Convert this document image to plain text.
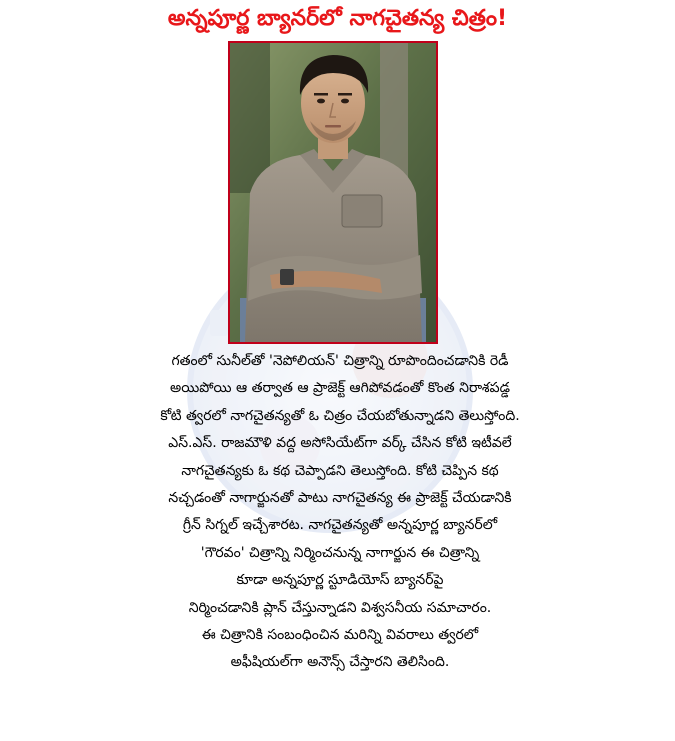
అన్నపూర్ణ బ్యానర్‌లో నాగచైతన్య చిత్రం!
గతంలో సునీల్‌తో 'నెపోలియన్‌' చిత్రాన్ని రూపొందించడానికి రెడీ
అయిపోయి ఆ తర్వాత ఆ ప్రాజెక్ట్‌ ఆగిపోవడంతో కొంత నిరాశపడ్డ
కోటి త్వరలో నాగచైతన్యతో ఓ చిత్రం చేయబోతున్నాడని తెలుస్తోంది.
ఎస్‌.ఎస్‌. రాజమౌళి వద్ద అసోసియేట్‌గా వర్క్‌ చేసిన కోటి ఇటీవలే
నాగచైతన్యకు ఓ కథ చెప్పాడని తెలుస్తోంది. కోటి చెప్పిన కథ
నచ్చడంతో నాగార్జునతో పాటు నాగచైతన్య ఈ ప్రాజెక్ట్‌ చేయడానికి
గ్రీన్‌ సిగ్నల్‌ ఇచ్చేశారట. నాగచైతన్యతో అన్నపూర్ణ బ్యానర్‌లో
'గౌరవం' చిత్రాన్ని నిర్మించనున్న నాగార్జున ఈ చిత్రాన్ని
కూడా అన్నపూర్ణ స్టూడియోస్‌ బ్యానర్‌పై
నిర్మించడానికి ప్లాన్‌ చేస్తున్నాడని విశ్వసనీయ సమాచారం.
ఈ చిత్రానికి సంబంధించిన మరిన్ని వివరాలు త్వరలో
అఫీషియల్‌గా అనౌన్స్‌ చేస్తారని తెలిసింది.
